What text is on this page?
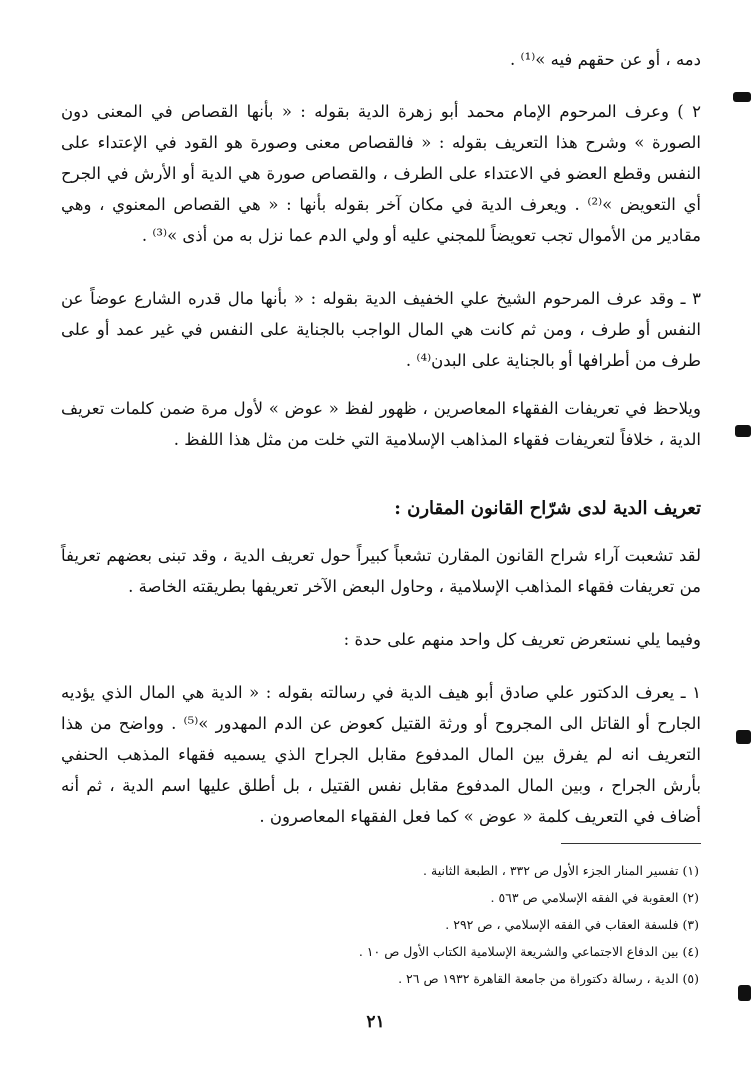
دمه ، أو عن حقهم فيه »⁽¹⁾ .
٢ ) وعرف المرحوم الإمام محمد أبو زهرة الدية بقوله : « بأنها القصاص في المعنى دون الصورة » وشرح هذا التعريف بقوله : « فالقصاص معنى وصورة هو القود في الإعتداء على النفس وقطع العضو في الاعتداء على الطرف ، والقصاص صورة هي الدية أو الأرش في الجرح أي التعويض »⁽²⁾ . ويعرف الدية في مكان آخر بقوله بأنها : « هي القصاص المعنوي ، وهي مقادير من الأموال تجب تعويضاً للمجني عليه أو ولي الدم عما نزل به من أذى »⁽³⁾ .
٣ ـ وقد عرف المرحوم الشيخ علي الخفيف الدية بقوله : « بأنها مال قدره الشارع عوضاً عن النفس أو طرف ، ومن ثم كانت هي المال الواجب بالجناية على النفس في غير عمد أو على طرف من أطرافها أو بالجناية على البدن⁽⁴⁾ .
ويلاحظ في تعريفات الفقهاء المعاصرين ، ظهور لفظ « عوض » لأول مرة ضمن كلمات تعريف الدية ، خلافاً لتعريفات فقهاء المذاهب الإسلامية التي خلت من مثل هذا اللفظ .
تعريف الدية لدى شرّاح القانون المقارن :
لقد تشعبت آراء شراح القانون المقارن تشعباً كبيراً حول تعريف الدية ، وقد تبنى بعضهم تعريفاً من تعريفات فقهاء المذاهب الإسلامية ، وحاول البعض الآخر تعريفها بطريقته الخاصة .
وفيما يلي نستعرض تعريف كل واحد منهم على حدة :
١ ـ يعرف الدكتور علي صادق أبو هيف الدية في رسالته بقوله : « الدية هي المال الذي يؤديه الجارح أو القاتل الى المجروح أو ورثة القتيل كعوض عن الدم المهدور »⁽⁵⁾ . وواضح من هذا التعريف انه لم يفرق بين المال المدفوع مقابل الجراح الذي يسميه فقهاء المذهب الحنفي بأرش الجراح ، وبين المال المدفوع مقابل نفس القتيل ، بل أطلق عليها اسم الدية ، ثم أنه أضاف في التعريف كلمة « عوض » كما فعل الفقهاء المعاصرون .
(١) تفسير المنار الجزء الأول ص ٣٣٢ ، الطبعة الثانية .
(٢) العقوبة في الفقه الإسلامي ص ٥٦٣ .
(٣) فلسفة العقاب في الفقه الإسلامي ، ص ٢٩٢ .
(٤) بين الدفاع الاجتماعي والشريعة الإسلامية الكتاب الأول ص ١٠ .
(٥) الدية ، رسالة دكتوراة من جامعة القاهرة ١٩٣٢ ص ٢٦ .
٢١
